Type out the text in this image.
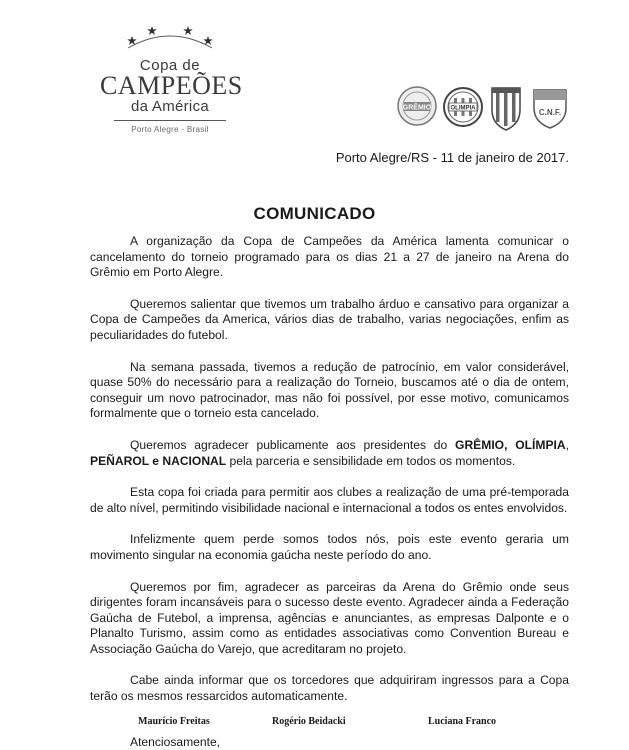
Copa de
CAMPEÕES
da América
Porto Alegre - Brasil
GRÊMIO	OLIMPIA	C.N.F.
Porto Alegre/RS - 11 de janeiro de 2017.
COMUNICADO

A organização da Copa de Campeões da América lamenta comunicar o cancelamento do torneio programado para os dias 21 a 27 de janeiro na Arena do Grêmio em Porto Alegre.

Queremos salientar que tivemos um trabalho árduo e cansativo para organizar a Copa de Campeões da America, vários dias de trabalho, varias negociações, enfim as peculiaridades do futebol.

Na semana passada, tivemos a redução de patrocínio, em valor considerável, quase 50% do necessário para a realização do Torneio, buscamos até o dia de ontem, conseguir um novo patrocinador, mas não foi possível, por esse motivo, comunicamos formalmente que o torneio esta cancelado.

Queremos agradecer publicamente aos presidentes do GRÊMIO, OLÍMPIA, PEÑAROL e NACIONAL pela parceria e sensibilidade em todos os momentos.

Esta copa foi criada para permitir aos clubes a realização de uma pré-temporada de alto nível, permitindo visibilidade nacional e internacional a todos os entes envolvidos.

Infelizmente quem perde somos todos nós, pois este evento geraria um movimento singular na economia gaúcha neste período do ano.

Queremos por fim, agradecer as parceiras da Arena do Grêmio onde seus dirigentes foram incansáveis para o sucesso deste evento. Agradecer ainda a Federação Gaúcha de Futebol, a imprensa, agências e anunciantes, as empresas Dalponte e o Planalto Turismo, assim como as entidades associativas como Convention Bureau e Associação Gaúcha do Varejo, que acreditaram no projeto.

Cabe ainda informar que os torcedores que adquiriram ingressos para a Copa terão os mesmos ressarcidos automaticamente.

Atenciosamente,

Maurício Freitas	Rogério Beidacki	Luciana Franco
